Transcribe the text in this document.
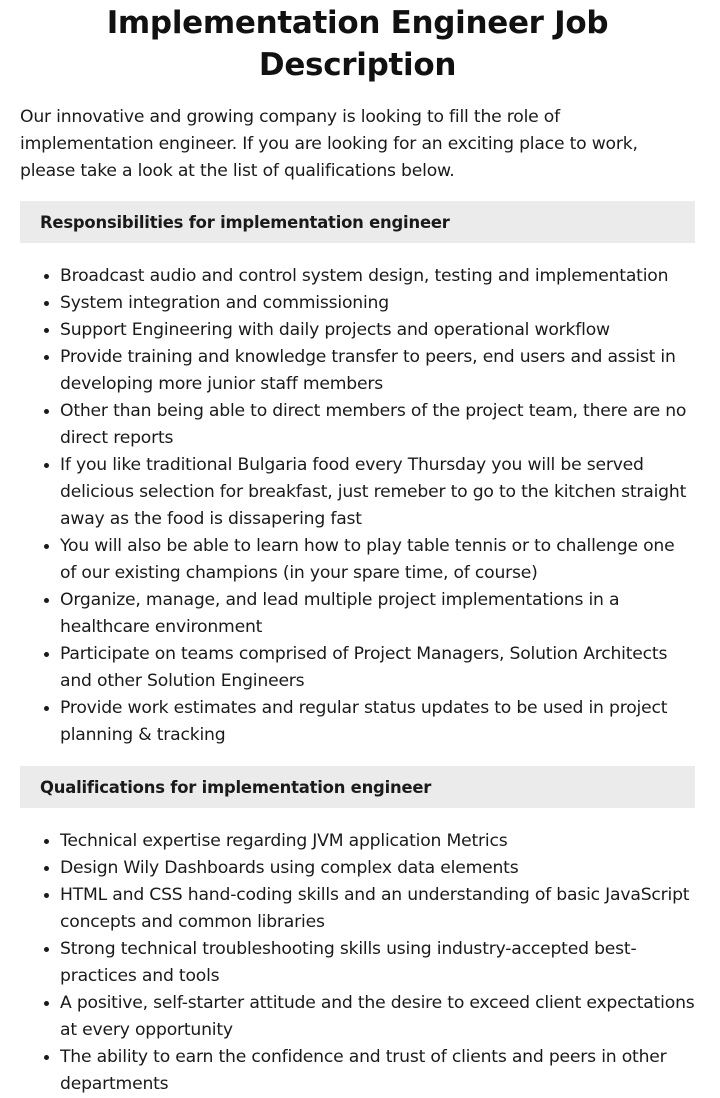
Implementation Engineer Job Description

Our innovative and growing company is looking to fill the role of implementation engineer. If you are looking for an exciting place to work, please take a look at the list of qualifications below.

Responsibilities for implementation engineer
Broadcast audio and control system design, testing and implementation
System integration and commissioning
Support Engineering with daily projects and operational workflow
Provide training and knowledge transfer to peers, end users and assist in developing more junior staff members
Other than being able to direct members of the project team, there are no direct reports
If you like traditional Bulgaria food every Thursday you will be served delicious selection for breakfast, just remeber to go to the kitchen straight away as the food is dissapering fast
You will also be able to learn how to play table tennis or to challenge one of our existing champions (in your spare time, of course)
Organize, manage, and lead multiple project implementations in a healthcare environment
Participate on teams comprised of Project Managers, Solution Architects and other Solution Engineers
Provide work estimates and regular status updates to be used in project planning & tracking
Qualifications for implementation engineer
Technical expertise regarding JVM application Metrics
Design Wily Dashboards using complex data elements
HTML and CSS hand-coding skills and an understanding of basic JavaScript concepts and common libraries
Strong technical troubleshooting skills using industry-accepted best-practices and tools
A positive, self-starter attitude and the desire to exceed client expectations at every opportunity
The ability to earn the confidence and trust of clients and peers in other departments
